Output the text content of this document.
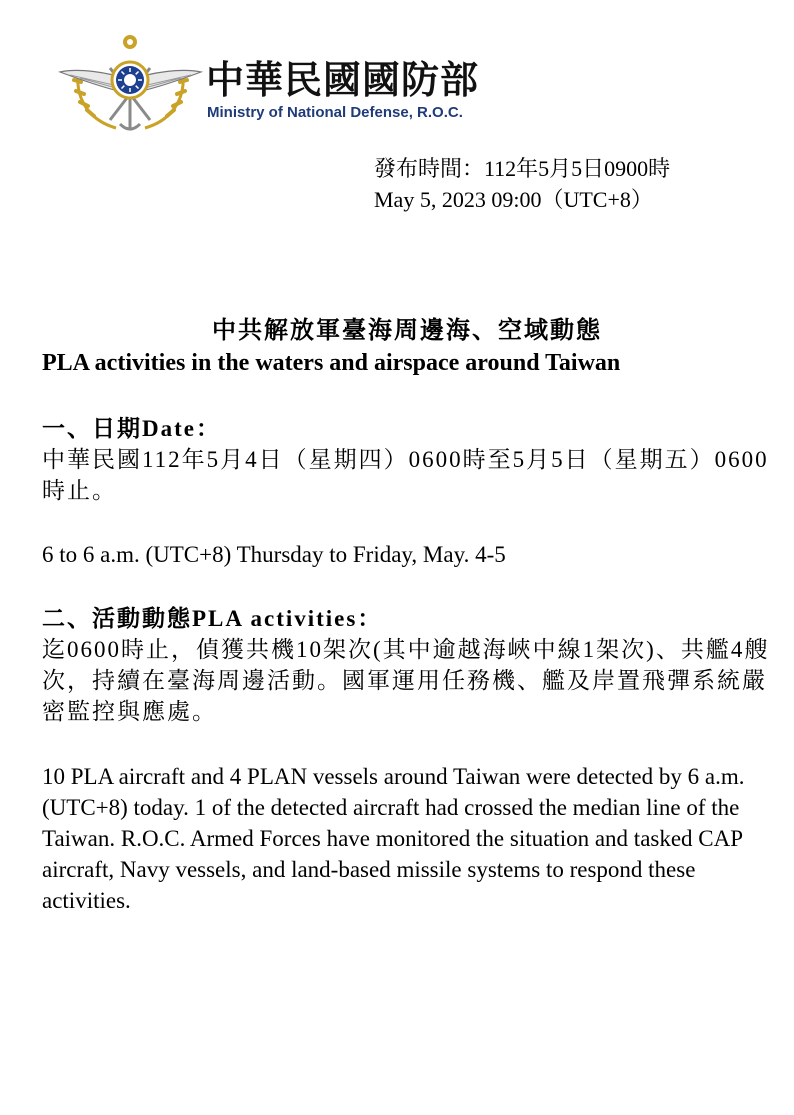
中華民國國防部
Ministry of National Defense, R.O.C.

發布時間：112年5月5日0900時

May 5, 2023 09:00（UTC+8）

中共解放軍臺海周邊海、空域動態

PLA activities in the waters and airspace around Taiwan

一、日期Date：

中華民國112年5月4日（星期四）0600時至5月5日（星期五）0600時止。

6 to 6 a.m. (UTC+8) Thursday to Friday, May. 4-5

二、活動動態PLA activities：

迄0600時止，偵獲共機10架次(其中逾越海峽中線1架次)、共艦4艘次，持續在臺海周邊活動。國軍運用任務機、艦及岸置飛彈系統嚴密監控與應處。

10 PLA aircraft and 4 PLAN vessels around Taiwan were detected by 6 a.m.(UTC+8) today. 1 of the detected aircraft had crossed the median line of the Taiwan. R.O.C. Armed Forces have monitored the situation and tasked CAP aircraft, Navy vessels, and land-based missile systems to respond these activities.
